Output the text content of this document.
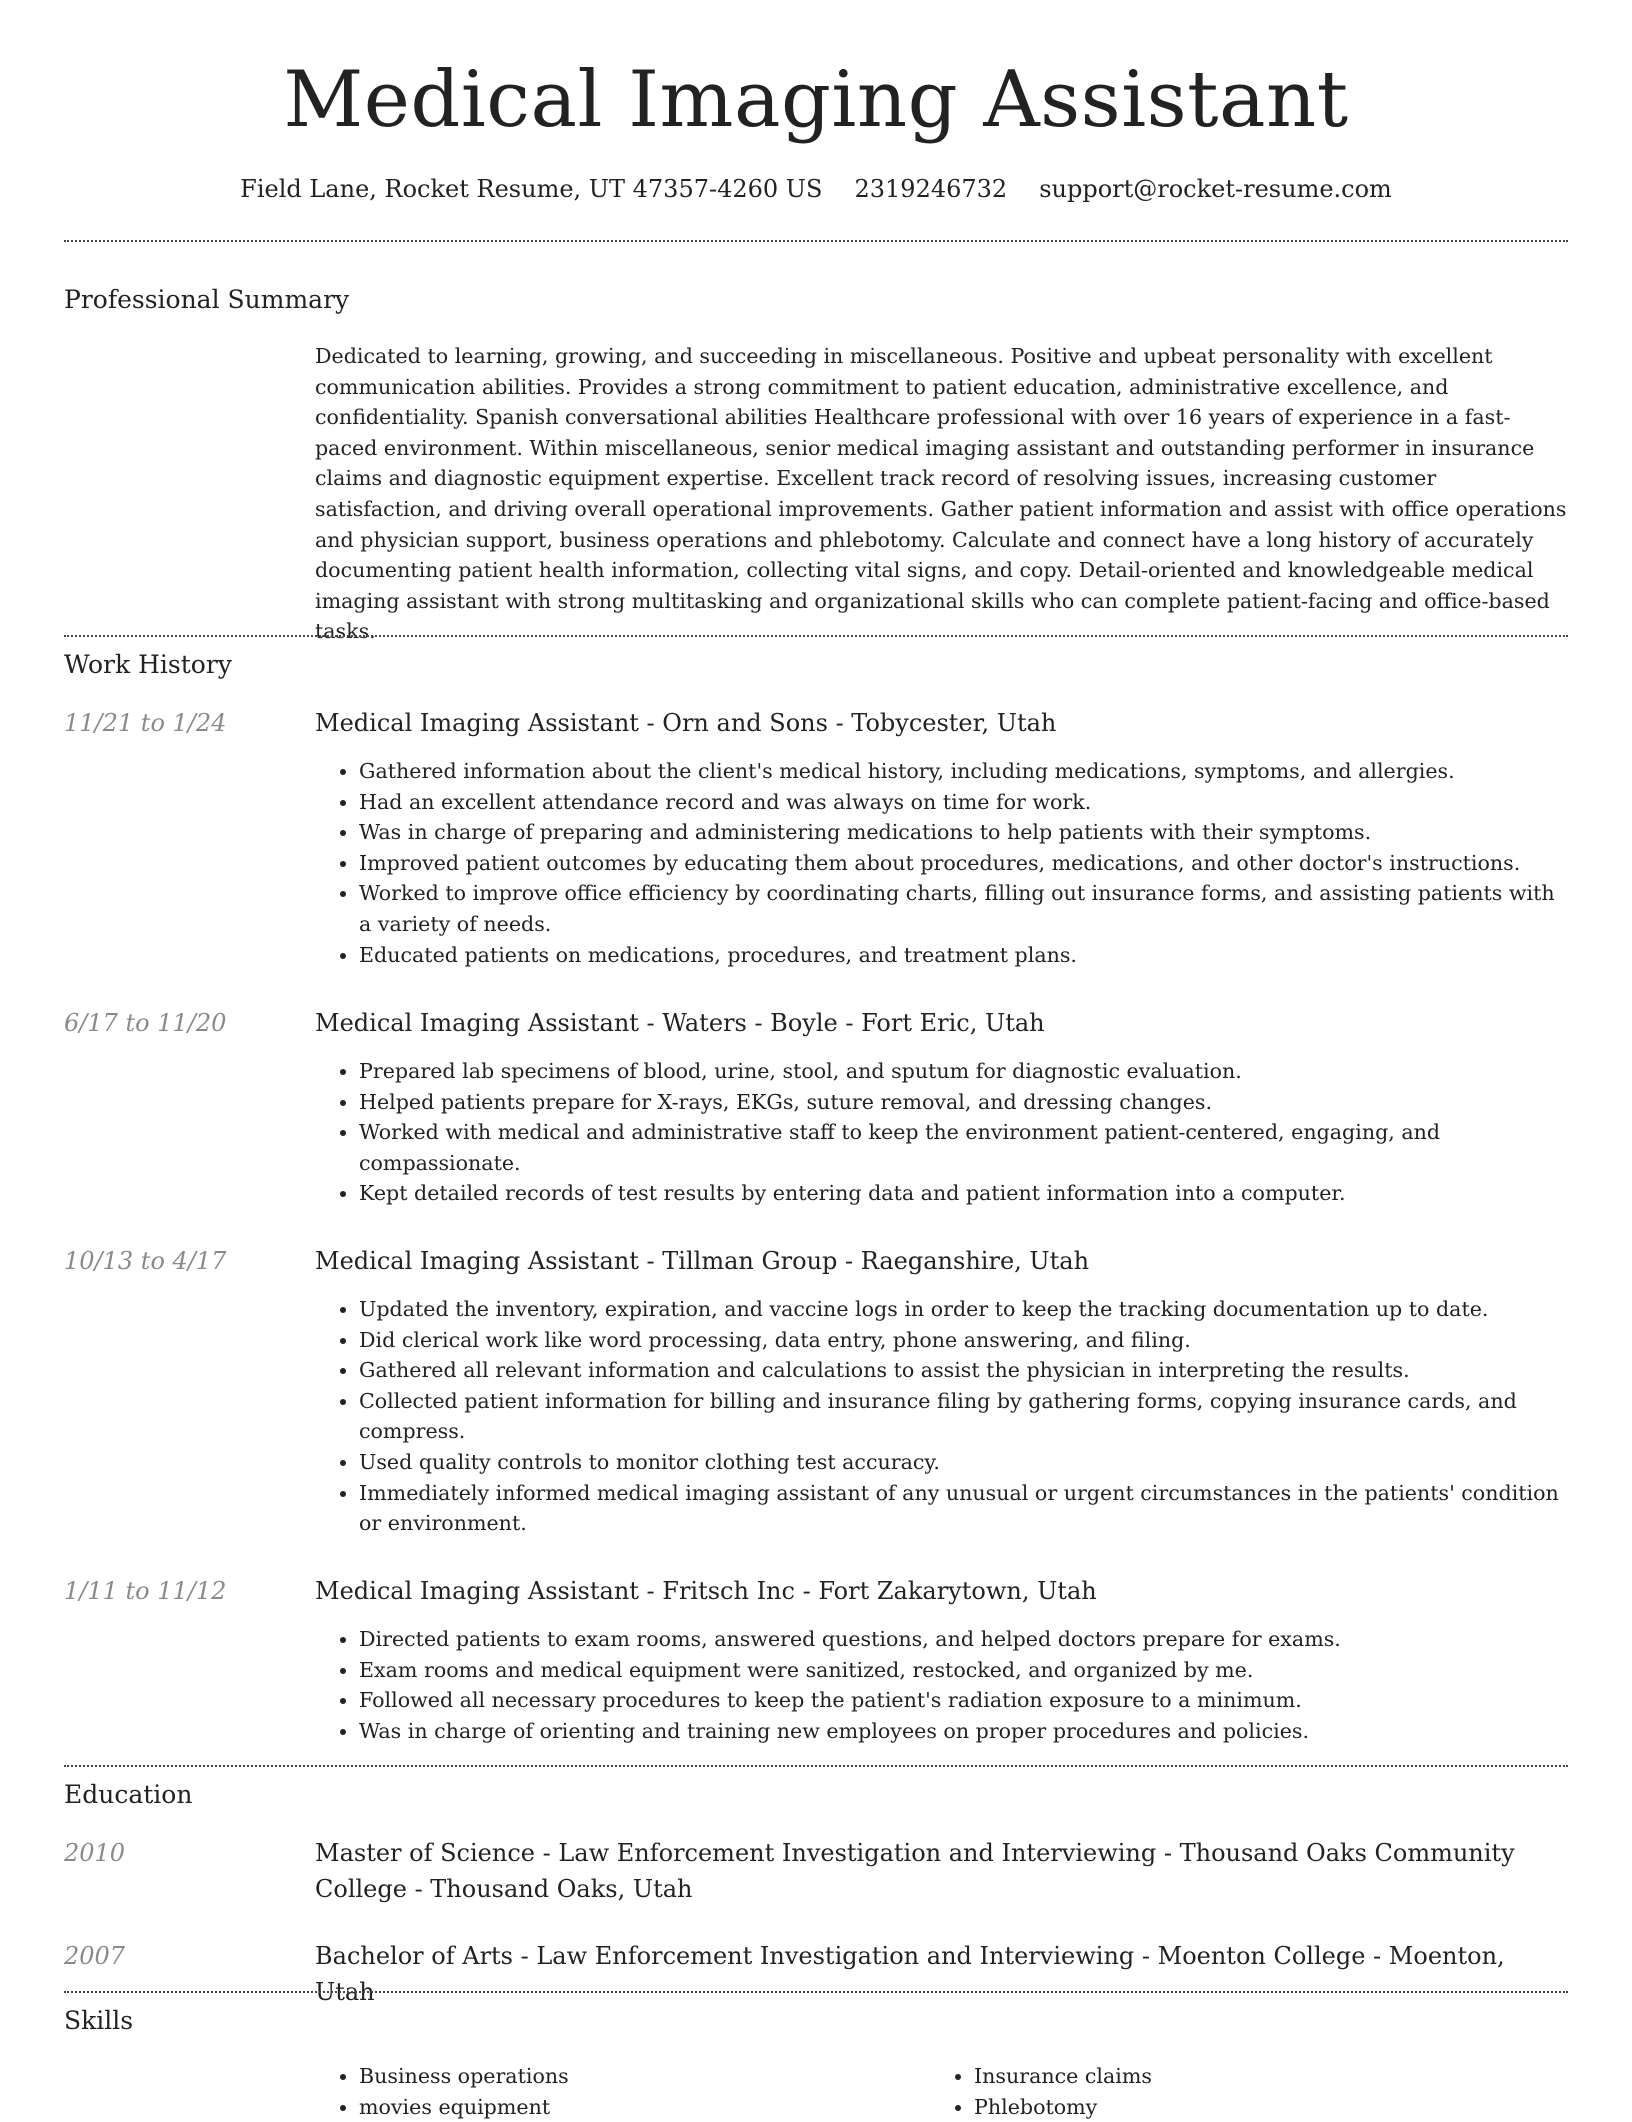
Medical Imaging Assistant
Field Lane, Rocket Resume, UT 47357-4260 US 2319246732 support@rocket-resume.com
Professional Summary
Dedicated to learning, growing, and succeeding in miscellaneous. Positive and upbeat personality with excellent communication abilities. Provides a strong commitment to patient education, administrative excellence, and confidentiality. Spanish conversational abilities Healthcare professional with over 16 years of experience in a fast-paced environment. Within miscellaneous, senior medical imaging assistant and outstanding performer in insurance claims and diagnostic equipment expertise. Excellent track record of resolving issues, increasing customer satisfaction, and driving overall operational improvements. Gather patient information and assist with office operations and physician support, business operations and phlebotomy. Calculate and connect have a long history of accurately documenting patient health information, collecting vital signs, and copy. Detail-oriented and knowledgeable medical imaging assistant with strong multitasking and organizational skills who can complete patient-facing and office-based tasks.
Work History
11/21 to 1/24	Medical Imaging Assistant - Orn and Sons - Tobycester, Utah
• Gathered information about the client's medical history, including medications, symptoms, and allergies.
• Had an excellent attendance record and was always on time for work.
• Was in charge of preparing and administering medications to help patients with their symptoms.
• Improved patient outcomes by educating them about procedures, medications, and other doctor's instructions.
• Worked to improve office efficiency by coordinating charts, filling out insurance forms, and assisting patients with a variety of needs.
• Educated patients on medications, procedures, and treatment plans.
6/17 to 11/20	Medical Imaging Assistant - Waters - Boyle - Fort Eric, Utah
• Prepared lab specimens of blood, urine, stool, and sputum for diagnostic evaluation.
• Helped patients prepare for X-rays, EKGs, suture removal, and dressing changes.
• Worked with medical and administrative staff to keep the environment patient-centered, engaging, and compassionate.
• Kept detailed records of test results by entering data and patient information into a computer.
10/13 to 4/17	Medical Imaging Assistant - Tillman Group - Raeganshire, Utah
• Updated the inventory, expiration, and vaccine logs in order to keep the tracking documentation up to date.
• Did clerical work like word processing, data entry, phone answering, and filing.
• Gathered all relevant information and calculations to assist the physician in interpreting the results.
• Collected patient information for billing and insurance filing by gathering forms, copying insurance cards, and compress.
• Used quality controls to monitor clothing test accuracy.
• Immediately informed medical imaging assistant of any unusual or urgent circumstances in the patients' condition or environment.
1/11 to 11/12	Medical Imaging Assistant - Fritsch Inc - Fort Zakarytown, Utah
• Directed patients to exam rooms, answered questions, and helped doctors prepare for exams.
• Exam rooms and medical equipment were sanitized, restocked, and organized by me.
• Followed all necessary procedures to keep the patient's radiation exposure to a minimum.
• Was in charge of orienting and training new employees on proper procedures and policies.
Education
2010	Master of Science - Law Enforcement Investigation and Interviewing - Thousand Oaks Community College - Thousand Oaks, Utah
2007	Bachelor of Arts - Law Enforcement Investigation and Interviewing - Moenton College - Moenton, Utah
Skills
• Business operations
• movies equipment
• Insurance claims
• Phlebotomy
